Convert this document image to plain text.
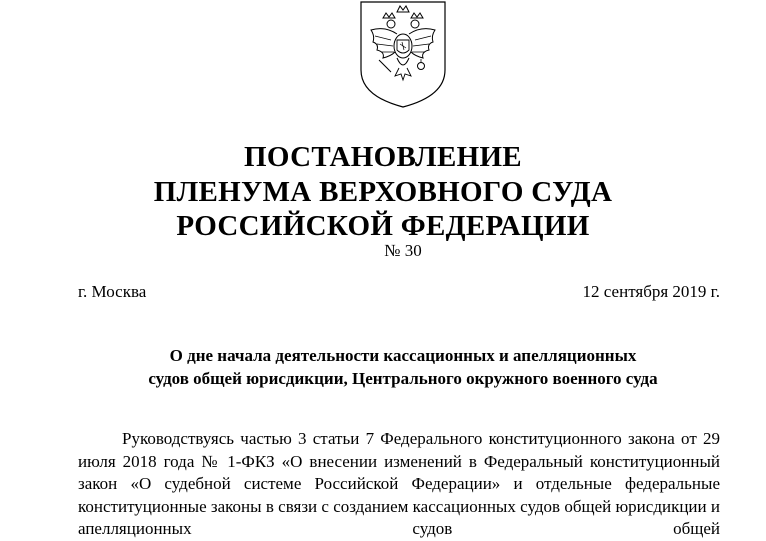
ПОСТАНОВЛЕНИЕ
ПЛЕНУМА ВЕРХОВНОГО СУДА
РОССИЙСКОЙ ФЕДЕРАЦИИ
№ 30
г. Москва	12 сентября 2019 г.
О дне начала деятельности кассационных и апелляционных
судов общей юрисдикции, Центрального окружного военного суда

Руководствуясь частью 3 статьи 7 Федерального конституционного закона от 29 июля 2018 года № 1-ФКЗ «О внесении изменений в Федеральный конституционный закон «О судебной системе Российской Федерации» и отдельные федеральные конституционные законы в связи с созданием кассационных судов общей юрисдикции и апелляционных судов общей
